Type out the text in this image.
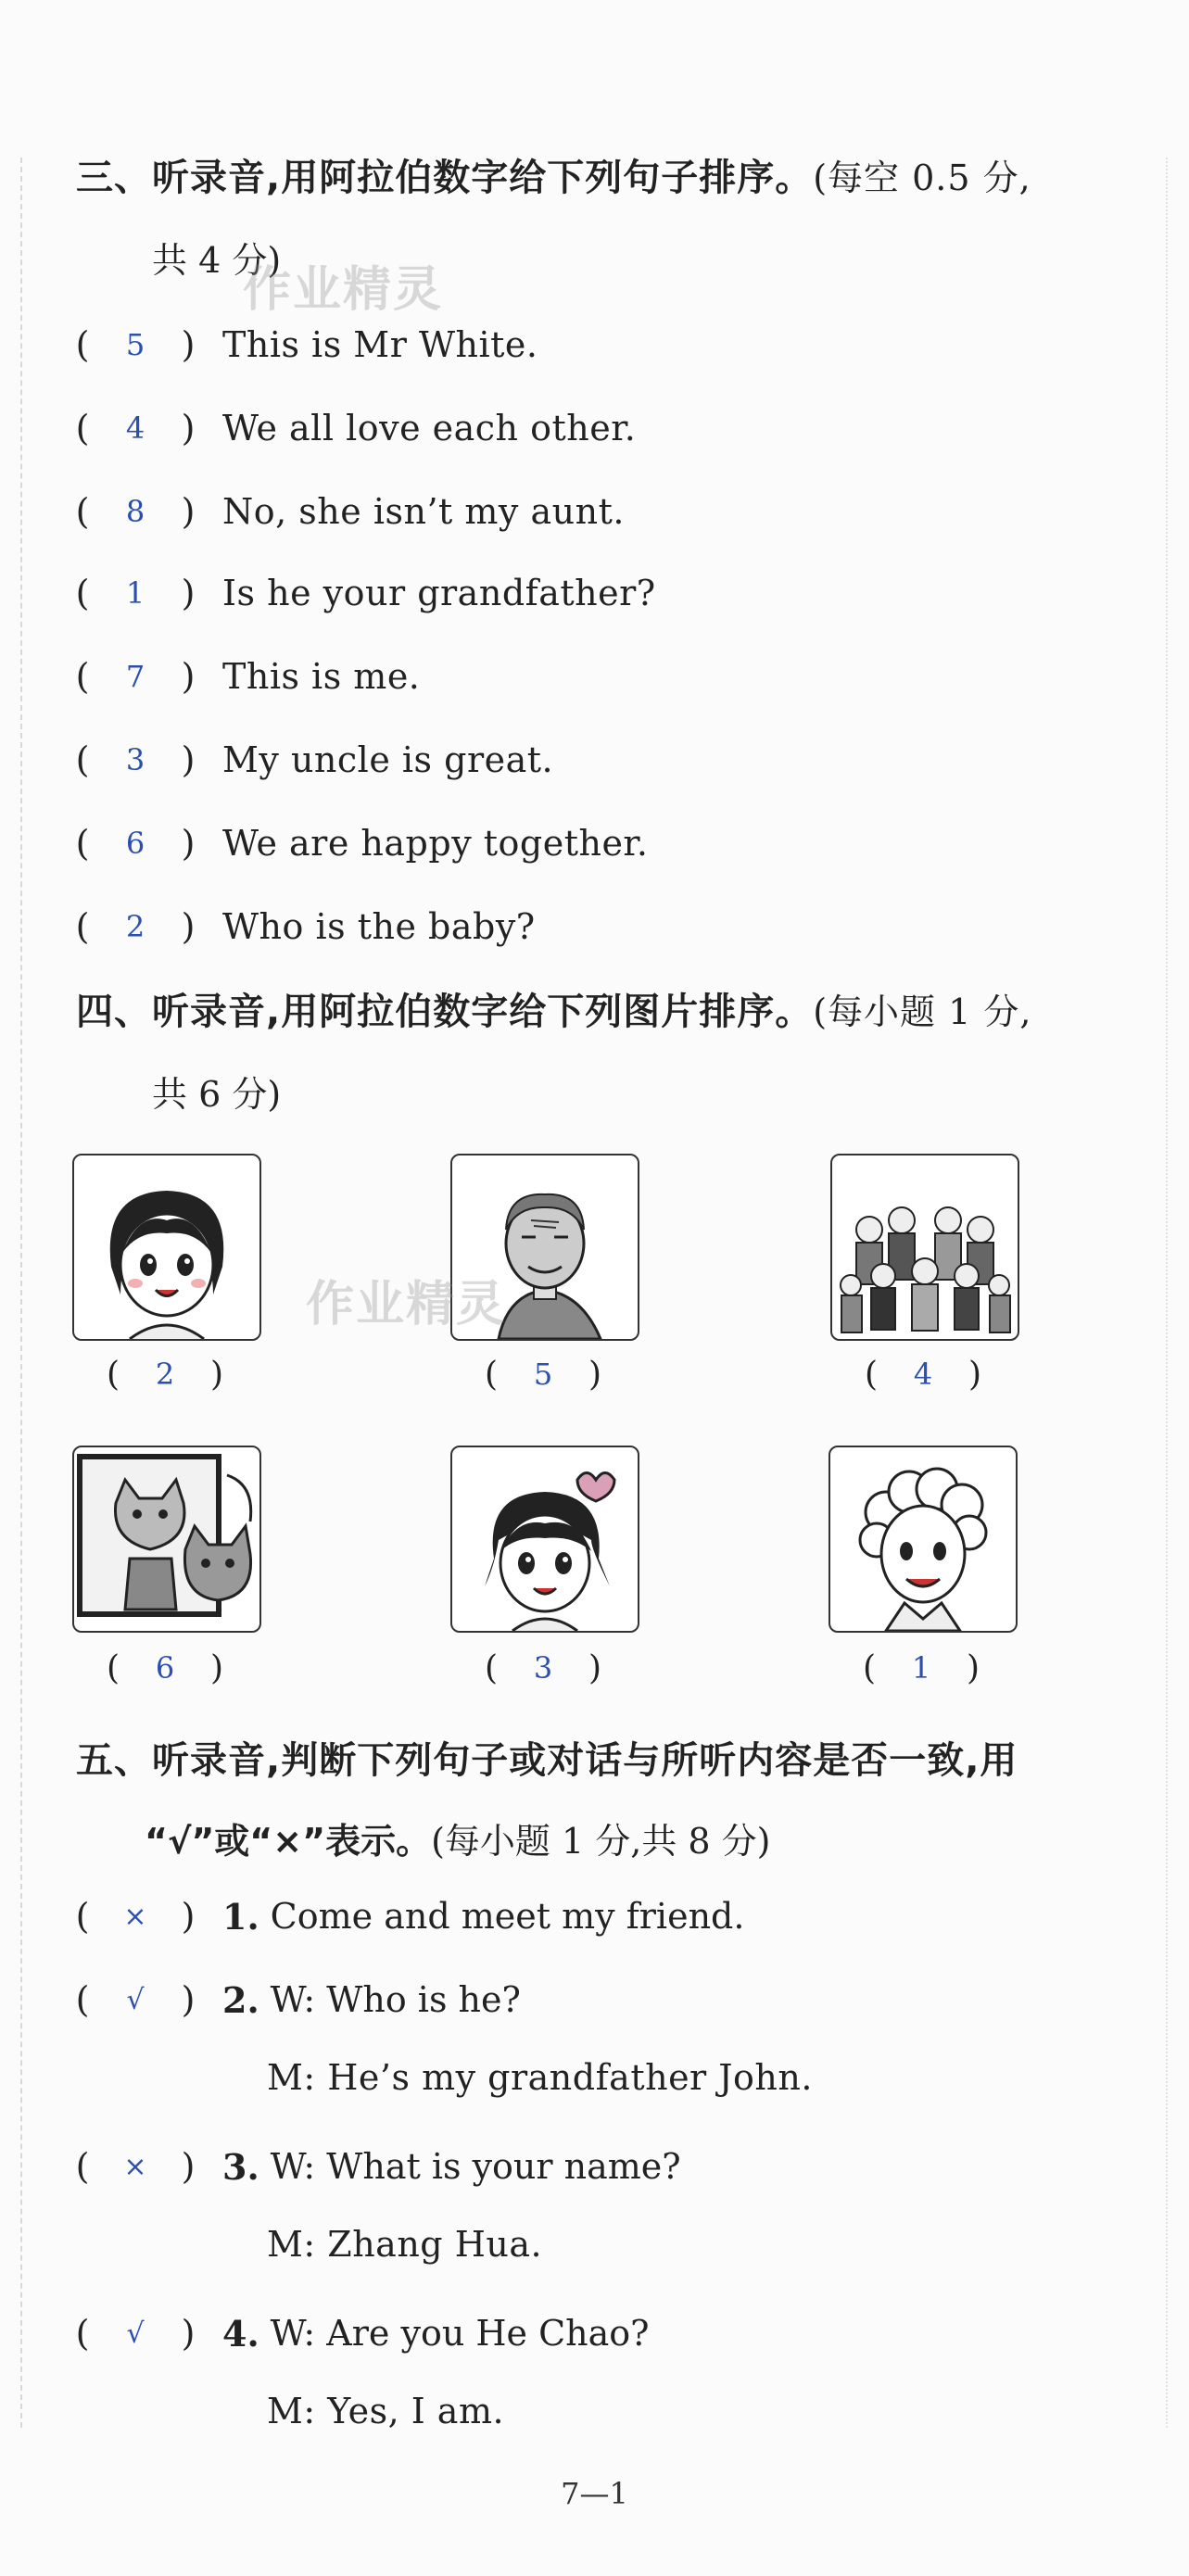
三、听录音,用阿拉伯数字给下列句子排序。(每空 0.5 分,
共 4 分)
作业精灵
(	5	) This is Mr White.
(	4	) We all love each other.
(	8	) No, she isn’t my aunt.
(	1	) Is he your grandfather?
(	7	) This is me.
(	3	) My uncle is great.
(	6	) We are happy together.
(	2	) Who is the baby?
四、听录音,用阿拉伯数字给下列图片排序。(每小题 1 分,
共 6 分)
(	2	)	(	5	)	(	4	)
作业精灵
(	6	)	(	3	)	(	1	)
五、听录音,判断下列句子或对话与所听内容是否一致,用
“√”或“×”表示。(每小题 1 分,共 8 分)
(	× ) 1. Come and meet my friend.
(	√	) 2. W: Who is he?
M: He’s my grandfather John.
(	× ) 3. W: What is your name?
M: Zhang Hua.
(	√	) 4. W: Are you He Chao?
M: Yes, I am.
7—1
